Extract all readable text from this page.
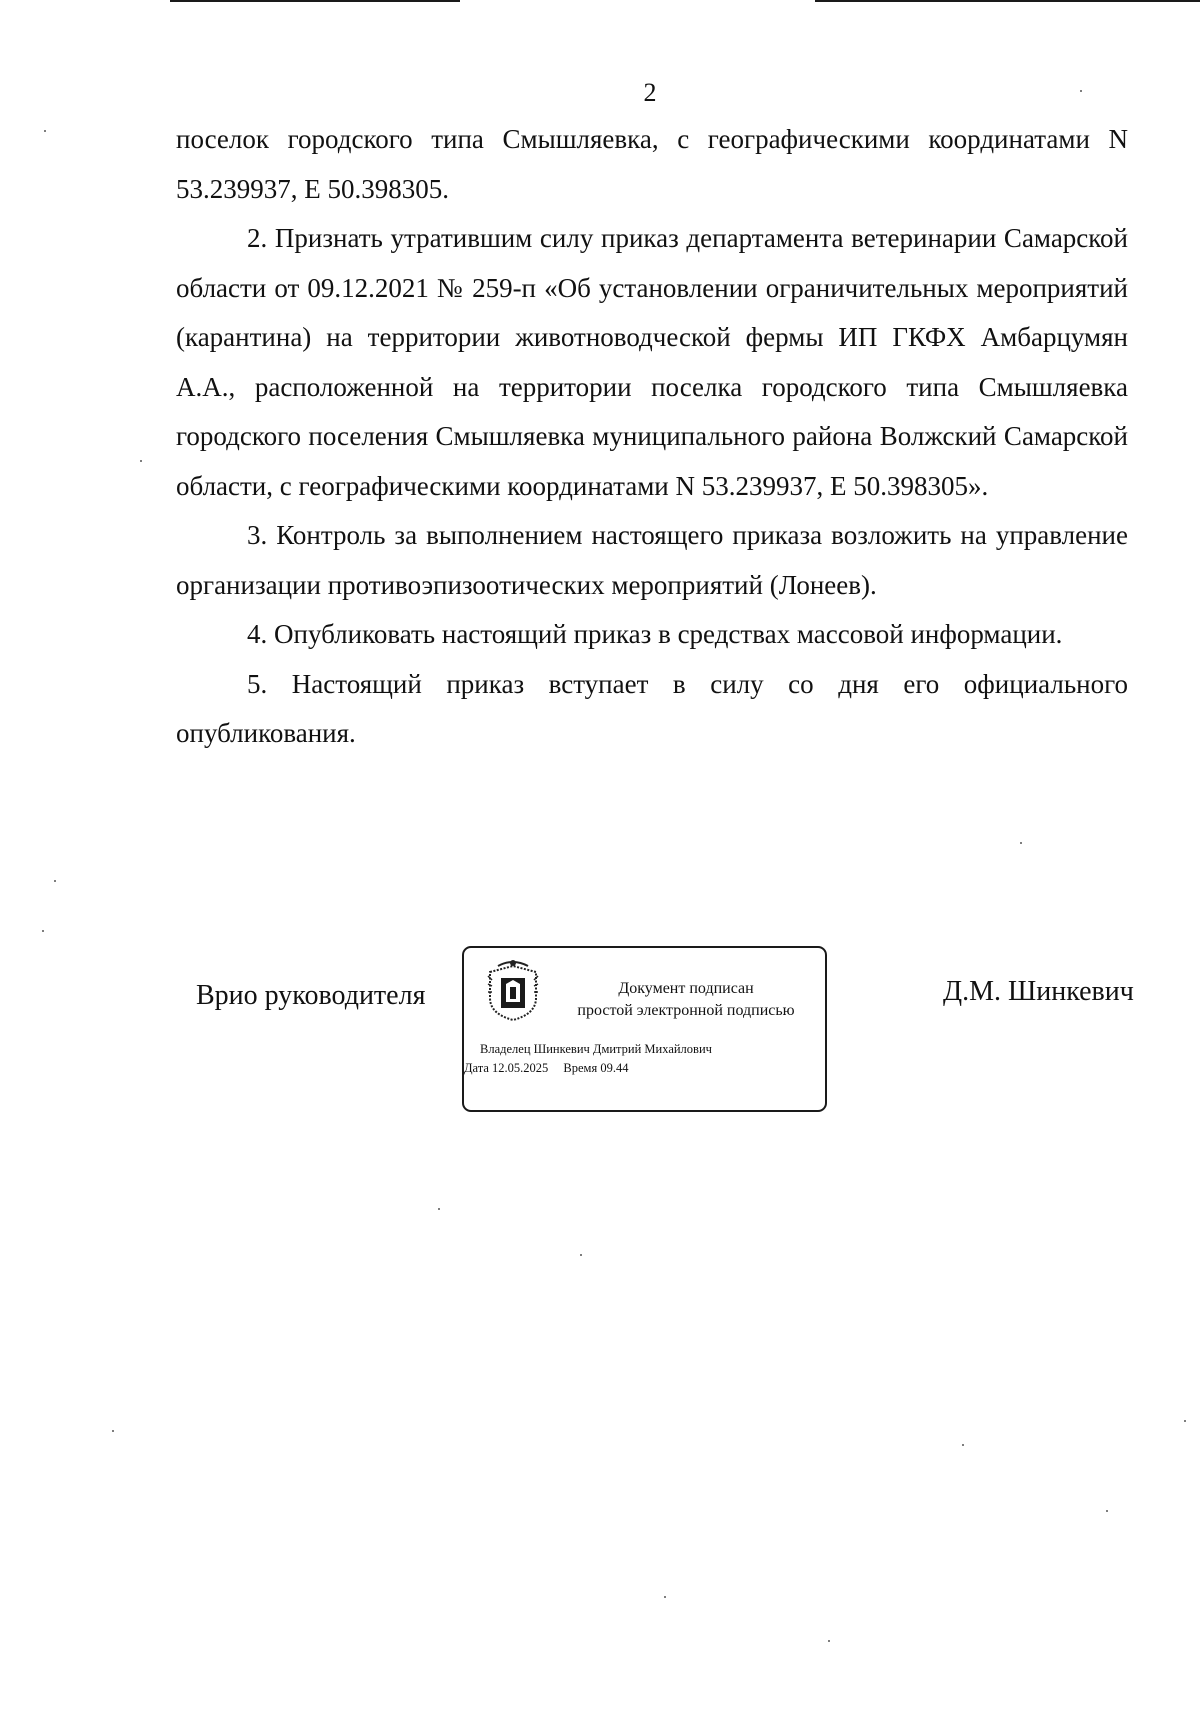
2

поселок городского типа Смышляевка, с географическими координатами N 53.239937, Е 50.398305.

2. Признать утратившим силу приказ департамента ветеринарии Самарской области от 09.12.2021 № 259-п «Об установлении ограничительных мероприятий (карантина) на территории животноводческой фермы ИП ГКФХ Амбарцумян А.А., расположенной на территории поселка городского типа Смышляевка городского поселения Смышляевка муниципального района Волжский Самарской области, с географическими координатами N 53.239937, Е 50.398305».

3. Контроль за выполнением настоящего приказа возложить на управление организации противоэпизоотических мероприятий (Лонеев).

4. Опубликовать настоящий приказ в средствах массовой информации.

5. Настоящий приказ вступает в силу со дня его официального опубликования.

Врио руководителя	Документ подписан
простой электронной подписью
Владелец Шинкевич Дмитрий Михайлович
Дата 12.05.2025 Время 09.44
Д.М. Шинкевич
